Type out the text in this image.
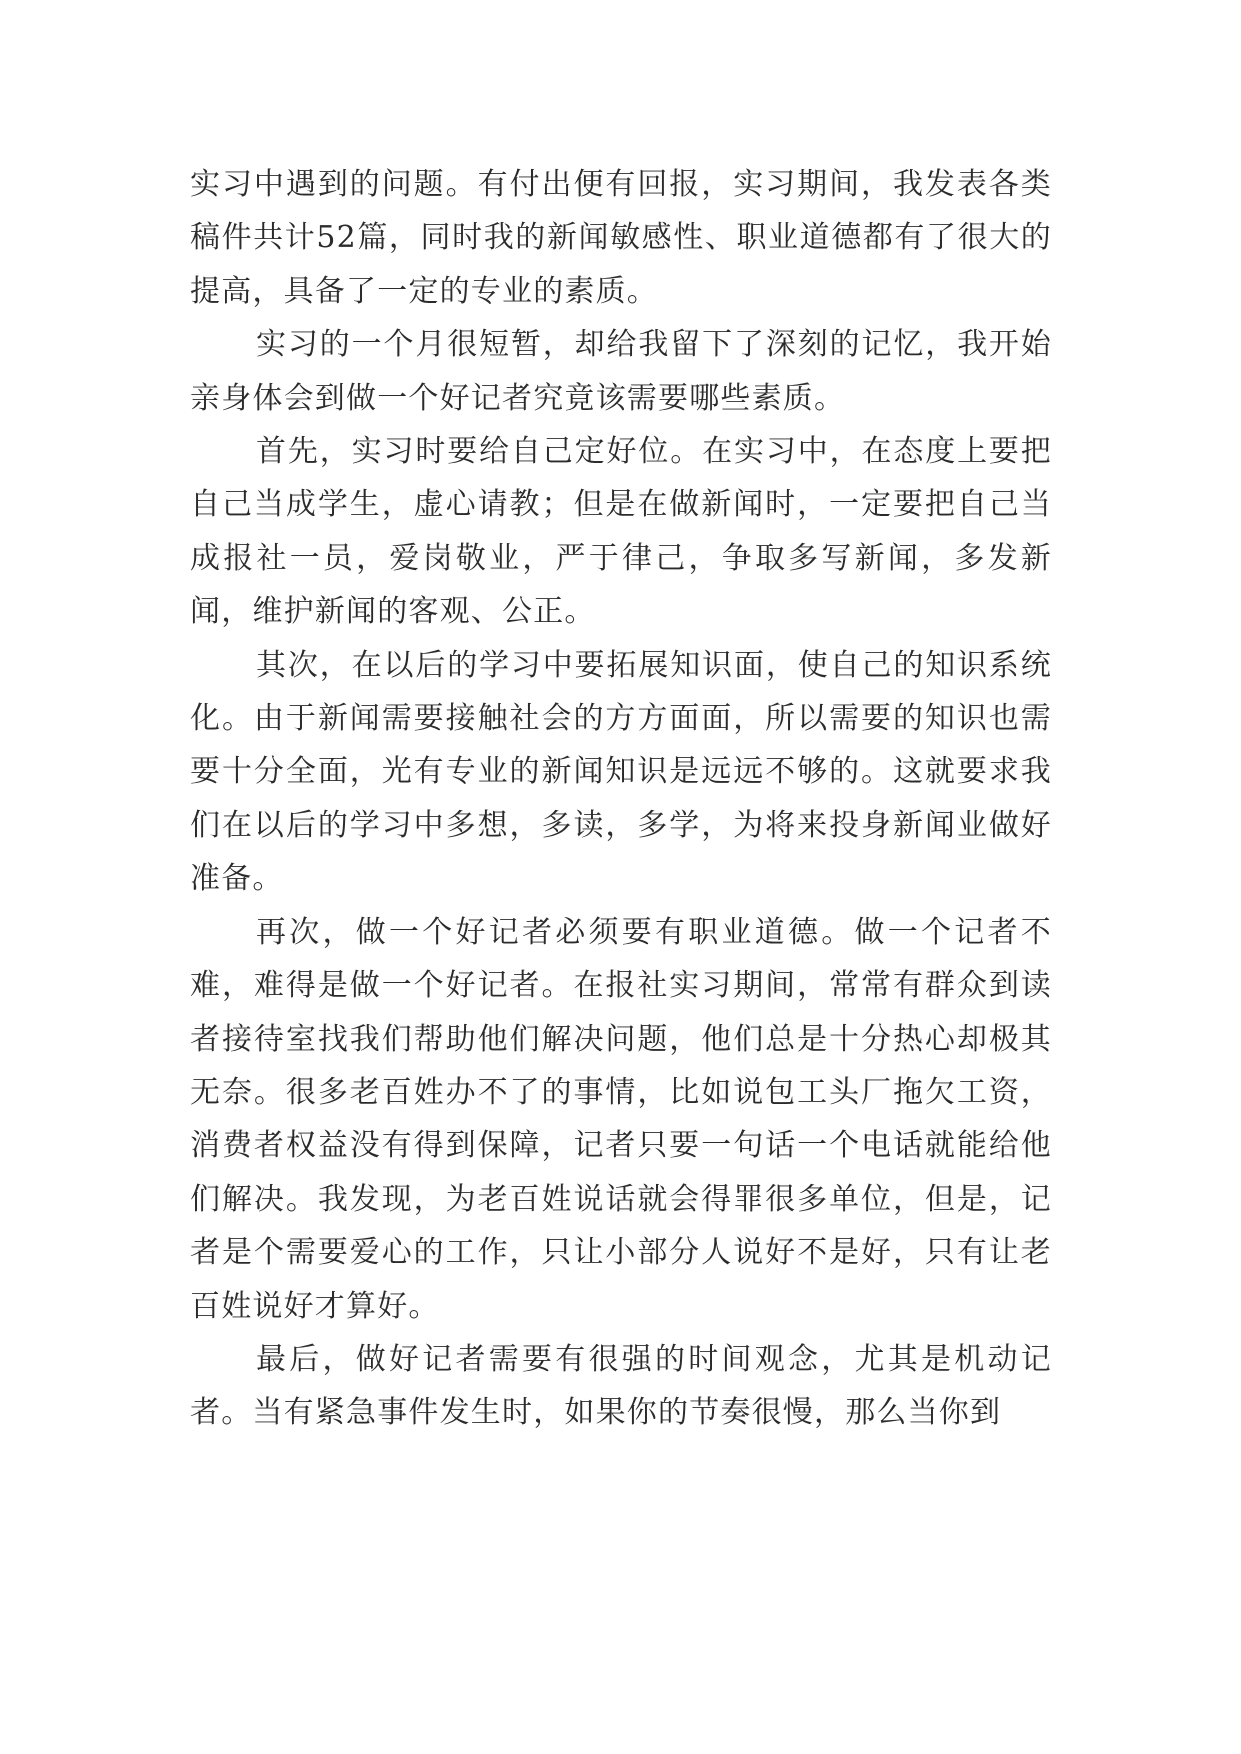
实习中遇到的问题。有付出便有回报，实习期间，我发表各类稿件共计52篇，同时我的新闻敏感性、职业道德都有了很大的提高，具备了一定的专业的素质。

实习的一个月很短暂，却给我留下了深刻的记忆，我开始亲身体会到做一个好记者究竟该需要哪些素质。

首先，实习时要给自己定好位。在实习中，在态度上要把自己当成学生，虚心请教；但是在做新闻时，一定要把自己当成报社一员，爱岗敬业，严于律己，争取多写新闻，多发新闻，维护新闻的客观、公正。

其次，在以后的学习中要拓展知识面，使自己的知识系统化。由于新闻需要接触社会的方方面面，所以需要的知识也需要十分全面，光有专业的新闻知识是远远不够的。这就要求我们在以后的学习中多想，多读，多学，为将来投身新闻业做好准备。

再次，做一个好记者必须要有职业道德。做一个记者不难，难得是做一个好记者。在报社实习期间，常常有群众到读者接待室找我们帮助他们解决问题，他们总是十分热心却极其无奈。很多老百姓办不了的事情，比如说包工头厂拖欠工资，消费者权益没有得到保障，记者只要一句话一个电话就能给他们解决。我发现，为老百姓说话就会得罪很多单位，但是，记者是个需要爱心的工作，只让小部分人说好不是好，只有让老百姓说好才算好。

最后，做好记者需要有很强的时间观念，尤其是机动记者。当有紧急事件发生时，如果你的节奏很慢，那么当你到
